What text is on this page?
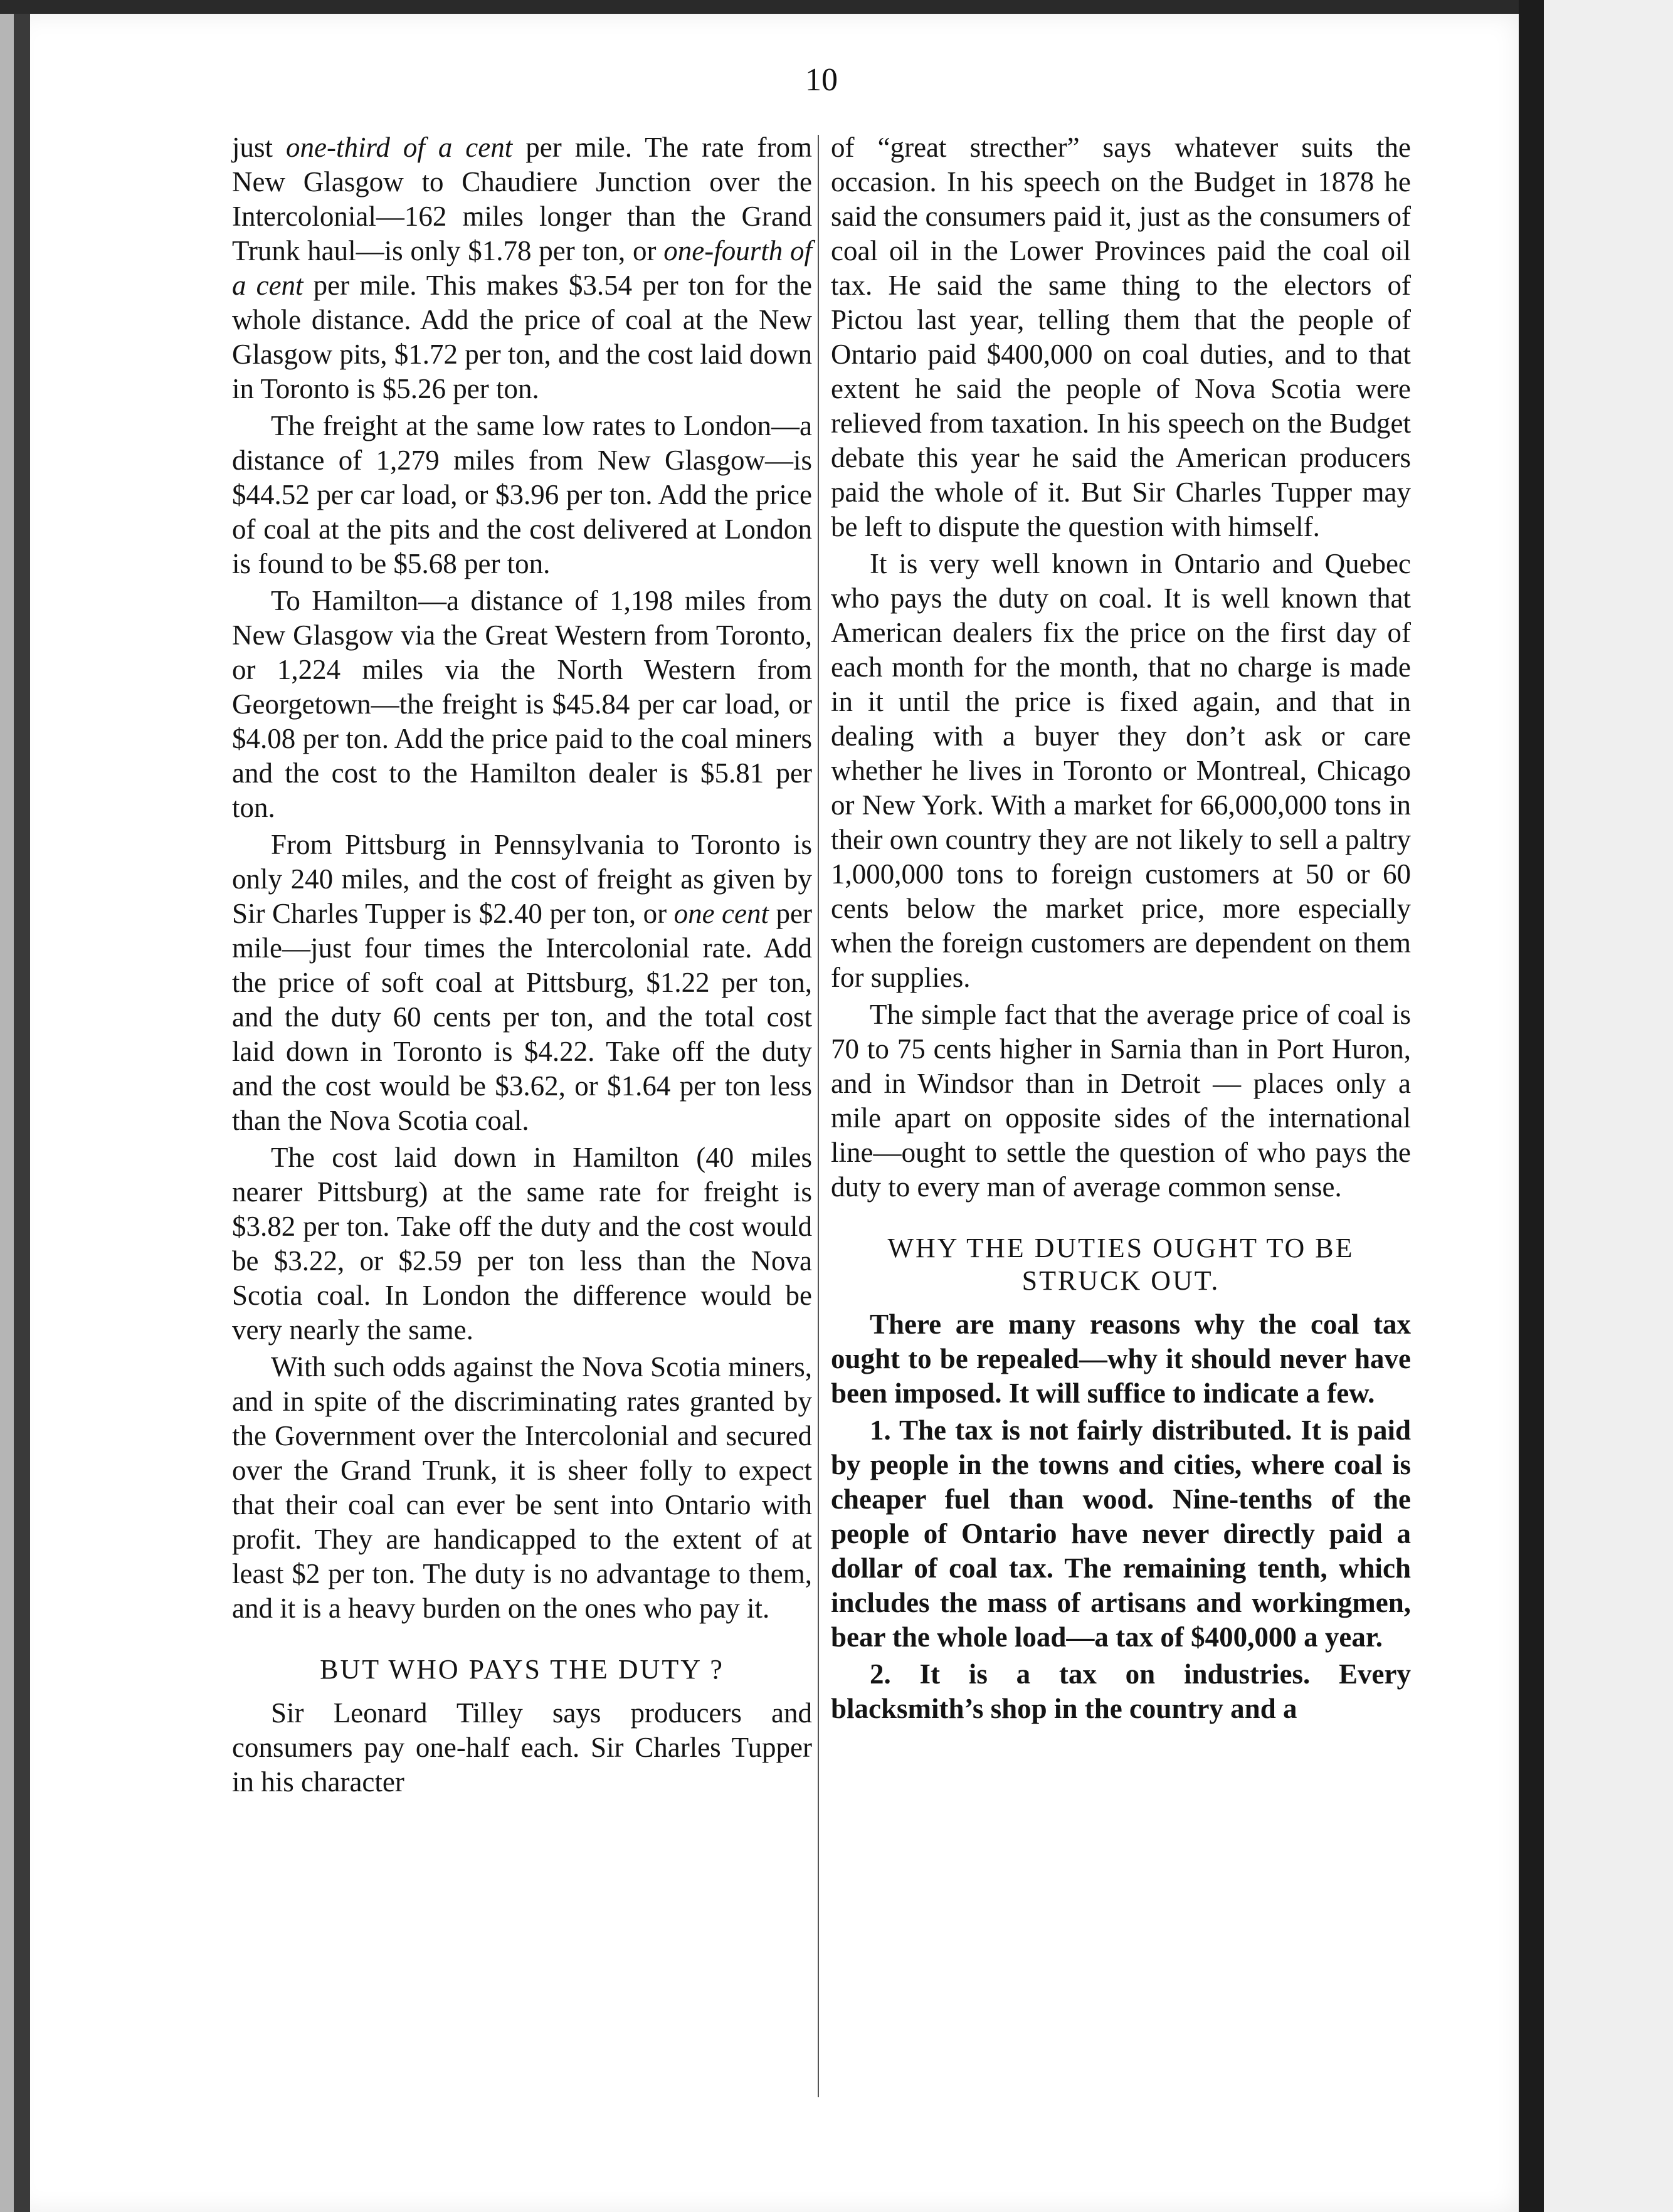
10

just one-third of a cent per mile. The rate from New Glasgow to Chaudiere Junction over the Intercolonial—162 miles longer than the Grand Trunk haul—is only $1.78 per ton, or one-fourth of a cent per mile. This makes $3.54 per ton for the whole distance. Add the price of coal at the New Glasgow pits, $1.72 per ton, and the cost laid down in Toronto is $5.26 per ton.

The freight at the same low rates to London—a distance of 1,279 miles from New Glasgow—is $44.52 per car load, or $3.96 per ton. Add the price of coal at the pits and the cost delivered at London is found to be $5.68 per ton.

To Hamilton—a distance of 1,198 miles from New Glasgow via the Great Western from Toronto, or 1,224 miles via the North Western from Georgetown—the freight is $45.84 per car load, or $4.08 per ton. Add the price paid to the coal miners and the cost to the Hamilton dealer is $5.81 per ton.

From Pittsburg in Pennsylvania to Toronto is only 240 miles, and the cost of freight as given by Sir Charles Tupper is $2.40 per ton, or one cent per mile—just four times the Intercolonial rate. Add the price of soft coal at Pittsburg, $1.22 per ton, and the duty 60 cents per ton, and the total cost laid down in Toronto is $4.22. Take off the duty and the cost would be $3.62, or $1.64 per ton less than the Nova Scotia coal.

The cost laid down in Hamilton (40 miles nearer Pittsburg) at the same rate for freight is $3.82 per ton. Take off the duty and the cost would be $3.22, or $2.59 per ton less than the Nova Scotia coal. In London the difference would be very nearly the same.

With such odds against the Nova Scotia miners, and in spite of the discriminating rates granted by the Government over the Intercolonial and secured over the Grand Trunk, it is sheer folly to expect that their coal can ever be sent into Ontario with profit. They are handicapped to the extent of at least $2 per ton. The duty is no advantage to them, and it is a heavy burden on the ones who pay it.

BUT WHO PAYS THE DUTY ?

Sir Leonard Tilley says producers and consumers pay one-half each. Sir Charles Tupper in his character

of “great strecther” says whatever suits the occasion. In his speech on the Budget in 1878 he said the consumers paid it, just as the consumers of coal oil in the Lower Provinces paid the coal oil tax. He said the same thing to the electors of Pictou last year, telling them that the people of Ontario paid $400,000 on coal duties, and to that extent he said the people of Nova Scotia were relieved from taxation. In his speech on the Budget debate this year he said the American producers paid the whole of it. But Sir Charles Tupper may be left to dispute the question with himself.

It is very well known in Ontario and Quebec who pays the duty on coal. It is well known that American dealers fix the price on the first day of each month for the month, that no charge is made in it until the price is fixed again, and that in dealing with a buyer they don’t ask or care whether he lives in Toronto or Montreal, Chicago or New York. With a market for 66,000,000 tons in their own country they are not likely to sell a paltry 1,000,000 tons to foreign customers at 50 or 60 cents below the market price, more especially when the foreign customers are dependent on them for supplies.

The simple fact that the average price of coal is 70 to 75 cents higher in Sarnia than in Port Huron, and in Windsor than in Detroit — places only a mile apart on opposite sides of the international line—ought to settle the question of who pays the duty to every man of average common sense.

WHY THE DUTIES OUGHT TO BE STRUCK OUT.

There are many reasons why the coal tax ought to be repealed—why it should never have been imposed. It will suffice to indicate a few.

1. The tax is not fairly distributed. It is paid by people in the towns and cities, where coal is cheaper fuel than wood. Nine-tenths of the people of Ontario have never directly paid a dollar of coal tax. The remaining tenth, which includes the mass of artisans and workingmen, bear the whole load—a tax of $400,000 a year.

2. It is a tax on industries. Every blacksmith’s shop in the country and a
